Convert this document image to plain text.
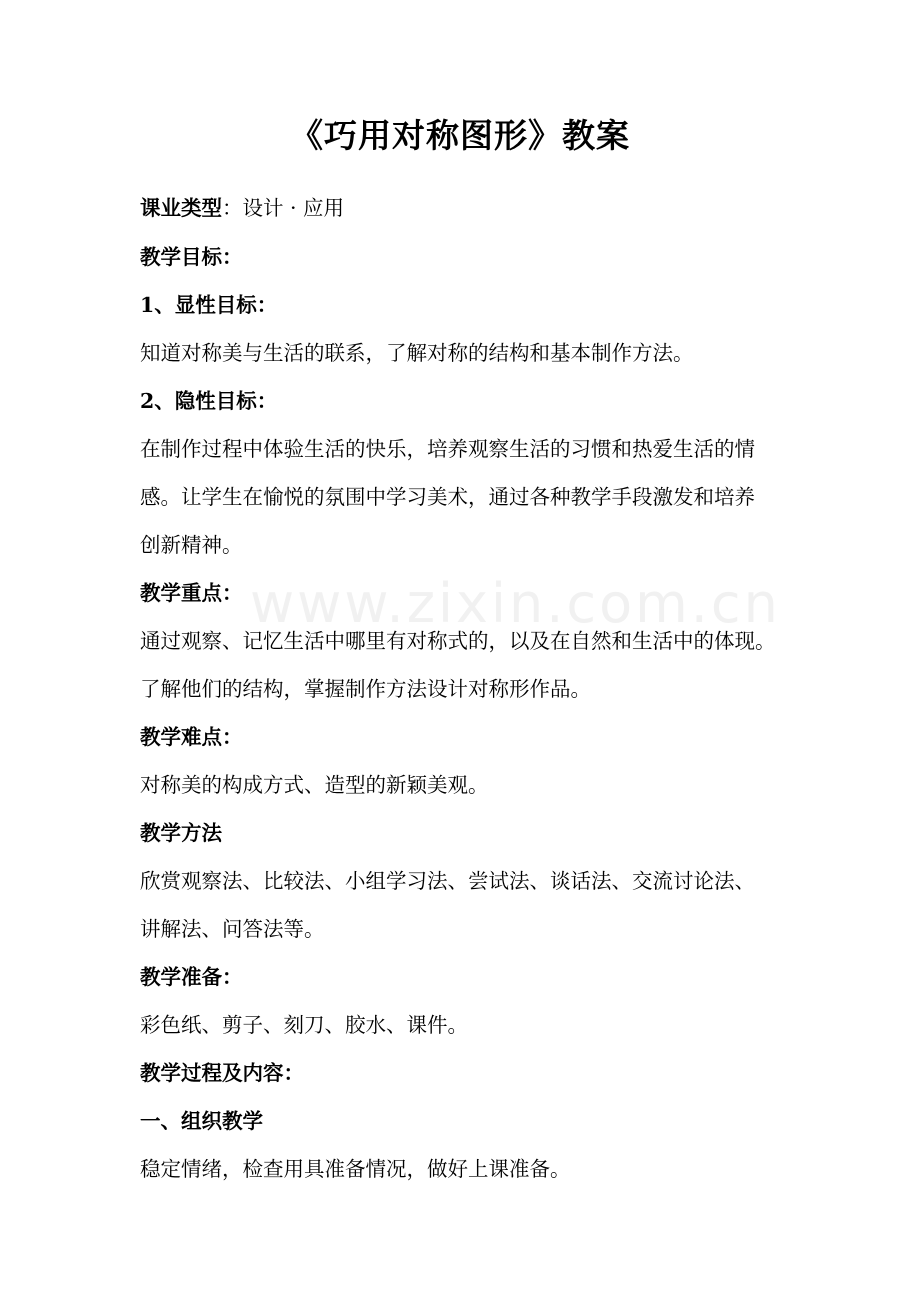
www.zixin.com.cn
《巧用对称图形》教案
课业类型：设计 · 应用
教学目标：
1、显性目标：
知道对称美与生活的联系，了解对称的结构和基本制作方法。
2、隐性目标：
在制作过程中体验生活的快乐，培养观察生活的习惯和热爱生活的情
感。让学生在愉悦的氛围中学习美术，通过各种教学手段激发和培养
创新精神。
教学重点：
通过观察、记忆生活中哪里有对称式的，以及在自然和生活中的体现。
了解他们的结构，掌握制作方法设计对称形作品。
教学难点：
对称美的构成方式、造型的新颖美观。
教学方法
欣赏观察法、比较法、小组学习法、尝试法、谈话法、交流讨论法、
讲解法、问答法等。
教学准备：
彩色纸、剪子、刻刀、胶水、课件。
教学过程及内容：
一、组织教学
稳定情绪，检查用具准备情况，做好上课准备。
